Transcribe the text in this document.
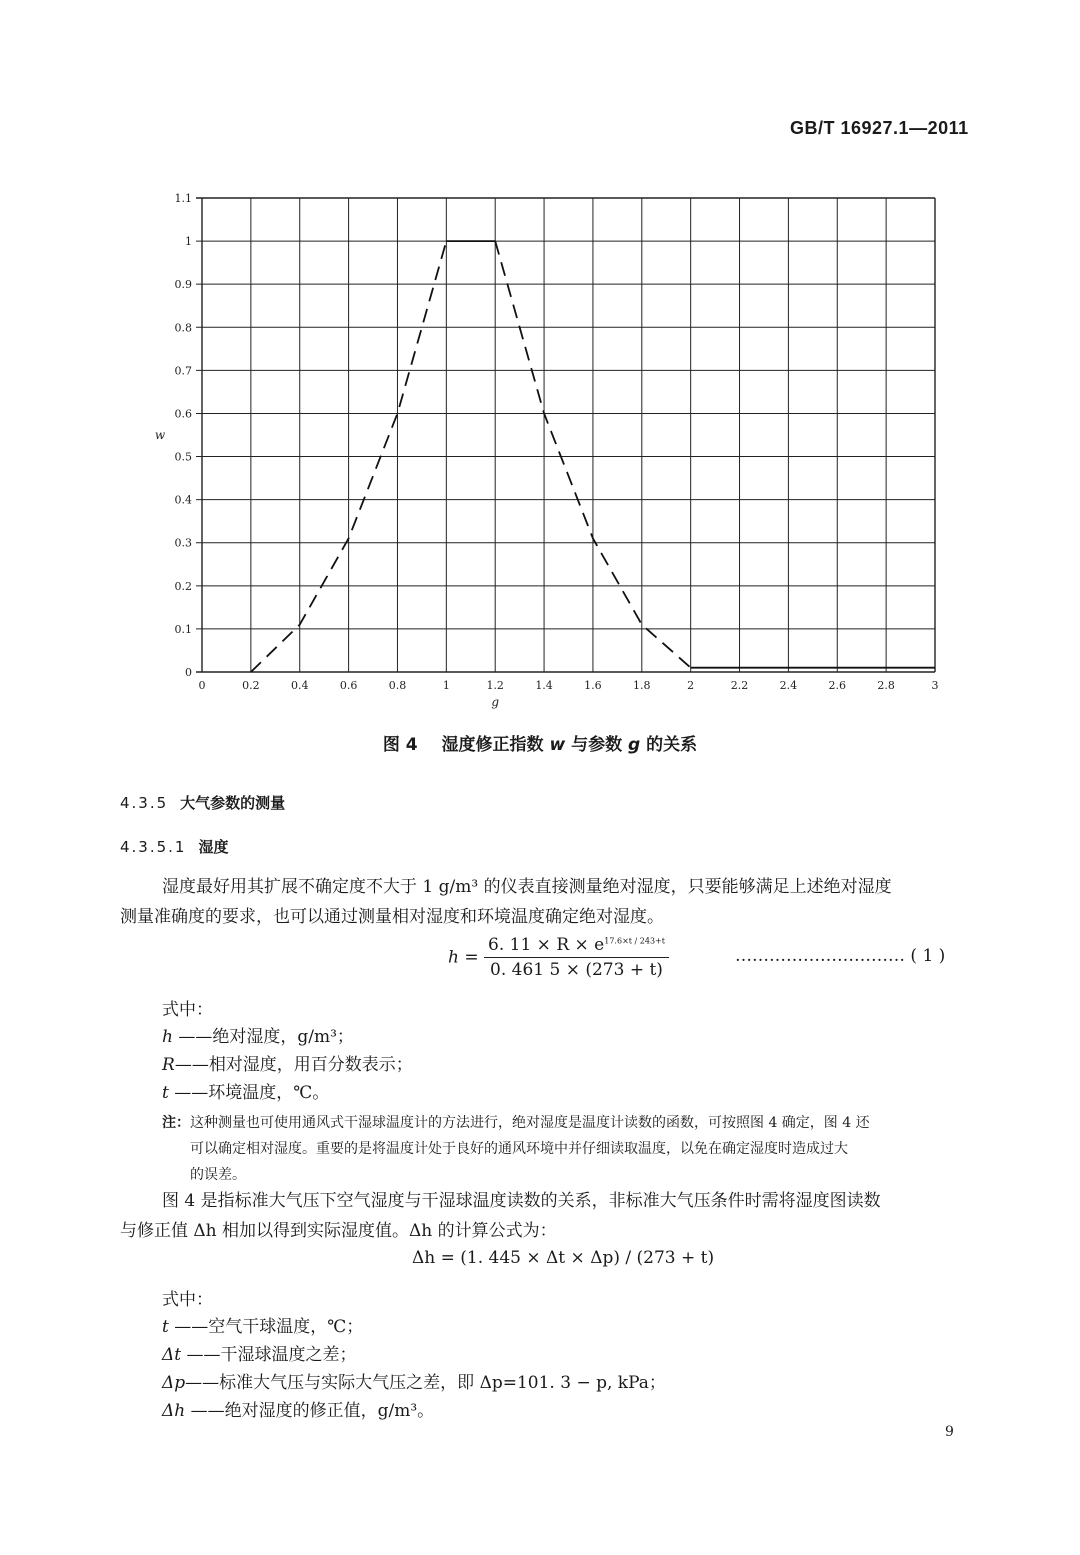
GB/T 16927.1—2011
0	0.2	0.4	0.6	0.8	1	1.2	1.4	1.6	1.8	2	2.2	2.4	2.6	2.8	3
0
0.1
0.2
0.3
0.4
0.5
0.6
0.7
0.8
0.9
1
1.1
g
w
图 4 湿度修正指数 w 与参数 g 的关系
4.3.5 大气参数的测量
4.3.5.1 湿度
湿度最好用其扩展不确定度不大于 1 g/m³ 的仪表直接测量绝对湿度，只要能够满足上述绝对湿度
测量准确度的要求，也可以通过测量相对湿度和环境温度确定绝对湿度。
$h = \frac{6. 11 \times R \times e^{17.6\times t / 243+t}}{0. 461 5 \times (273 + t)}$	………………………… ( 1 )
式中：
h ——绝对湿度，g/m³；
R——相对湿度，用百分数表示；
t ——环境温度，℃。
注：这种测量也可使用通风式干湿球温度计的方法进行，绝对湿度是温度计读数的函数，可按照图 4 确定，图 4 还
可以确定相对湿度。重要的是将温度计处于良好的通风环境中并仔细读取温度，以免在确定湿度时造成过大
的误差。
图 4 是指标准大气压下空气湿度与干湿球温度读数的关系，非标准大气压条件时需将湿度图读数
与修正值 Δh 相加以得到实际湿度值。Δh 的计算公式为：
Δh = (1. 445 × Δt × Δp) / (273 + t)
式中：
t ——空气干球温度，℃；
Δt ——干湿球温度之差；
Δp——标准大气压与实际大气压之差，即 Δp=101. 3 − p, kPa；
Δh ——绝对湿度的修正值，g/m³。
9
